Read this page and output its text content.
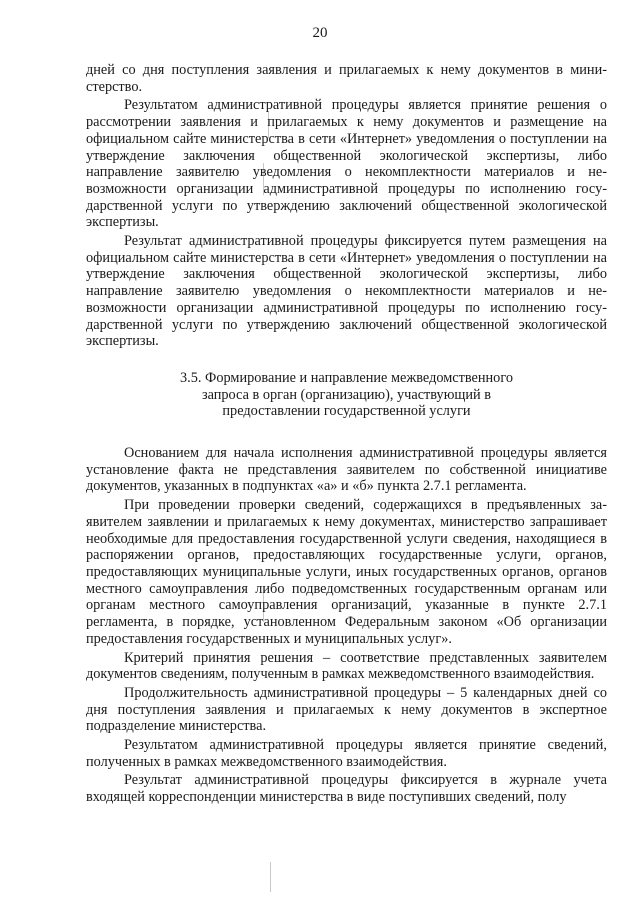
20

дней со дня поступления заявления и прилагаемых к нему документов в министерство.

Результатом административной процедуры является принятие решения о рассмотрении заявления и прилагаемых к нему документов и размещение на официальном сайте министерства в сети «Интернет» уведомления о поступлении на утверждение заключения общественной экологической экспертизы, либо направление заявителю уведомления о некомплектности материалов и невозможности организации административной процедуры по исполнению государственной услуги по утверждению заключений общественной экологической экспертизы.

Результат административной процедуры фиксируется путем размещения на официальном сайте министерства в сети «Интернет» уведомления о поступлении на утверждение заключения общественной экологической экспертизы, либо направление заявителю уведомления о некомплектности материалов и невозможности организации административной процедуры по исполнению государственной услуги по утверждению заключений общественной экологической экспертизы.

3.5. Формирование и направление межведомственного
запроса в орган (организацию), участвующий в
предоставлении государственной услуги

Основанием для начала исполнения административной процедуры является установление факта не представления заявителем по собственной инициативе документов, указанных в подпунктах «а» и «б» пункта 2.7.1 регламента.

При проведении проверки сведений, содержащихся в предъявленных заявителем заявлении и прилагаемых к нему документах, министерство запрашивает необходимые для предоставления государственной услуги сведения, находящиеся в распоряжении органов, предоставляющих государственные услуги, органов, предоставляющих муниципальные услуги, иных государственных органов, органов местного самоуправления либо подведомственных государственным органам или органам местного самоуправления организаций, указанные в пункте 2.7.1 регламента, в порядке, установленном Федеральным законом «Об организации предоставления государственных и муниципальных услуг».

Критерий принятия решения – соответствие представленных заявителем документов сведениям, полученным в рамках межведомственного взаимодействия.

Продолжительность административной процедуры – 5 календарных дней со дня поступления заявления и прилагаемых к нему документов в экспертное подразделение министерства.

Результатом административной процедуры является принятие сведений, полученных в рамках межведомственного взаимодействия.

Результат административной процедуры фиксируется в журнале учета входящей корреспонденции министерства в виде поступивших сведений, полу
